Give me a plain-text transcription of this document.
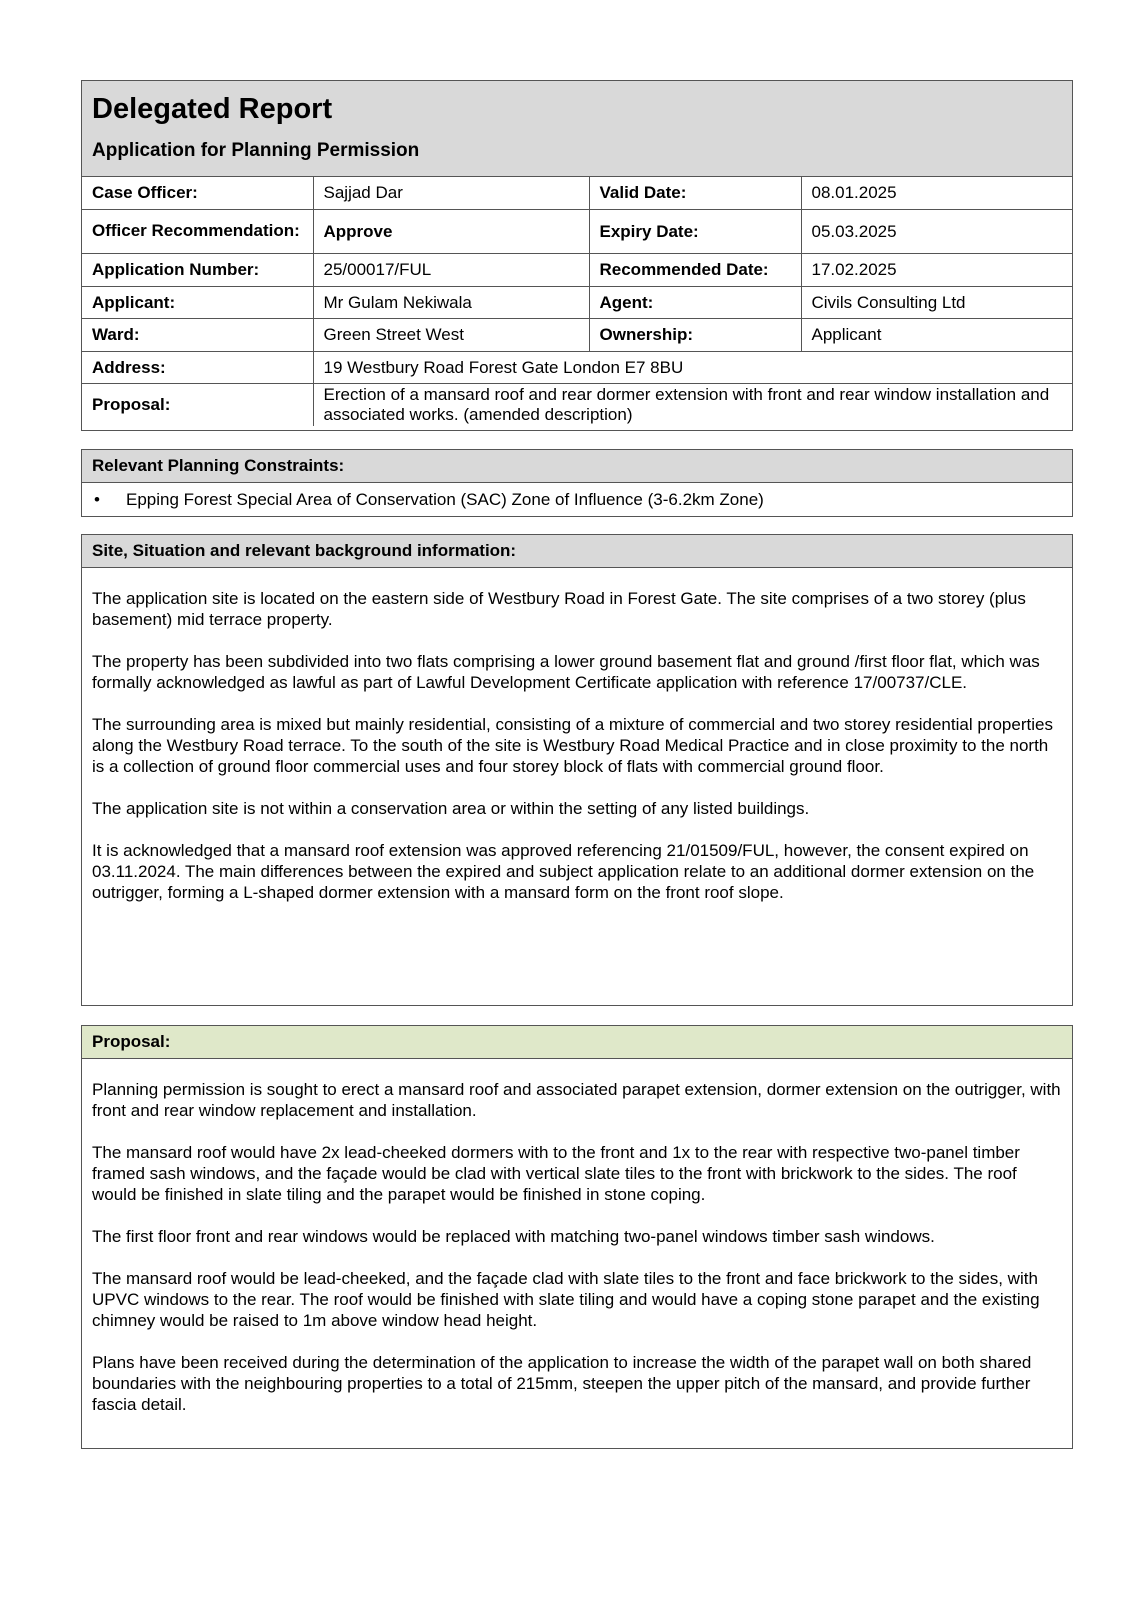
Delegated Report
Application for Planning Permission
Case Officer:	Sajjad Dar	Valid Date:	08.01.2025
Officer Recommendation:	Approve	Expiry Date:	05.03.2025
Application Number:	25/00017/FUL	Recommended Date:	17.02.2025
Applicant:	Mr Gulam Nekiwala	Agent:	Civils Consulting Ltd
Ward:	Green Street West	Ownership:	Applicant
Address:	19 Westbury Road Forest Gate London E7 8BU		
Proposal:	Erection of a mansard roof and rear dormer extension with front and rear window installation and associated works. (amended description)		
Relevant Planning Constraints:
• Epping Forest Special Area of Conservation (SAC) Zone of Influence (3-6.2km Zone)
Site, Situation and relevant background information:

The application site is located on the eastern side of Westbury Road in Forest Gate. The site comprises of a two storey (plus basement) mid terrace property.

The property has been subdivided into two flats comprising a lower ground basement flat and ground /first floor flat, which was formally acknowledged as lawful as part of Lawful Development Certificate application with reference 17/00737/CLE.

The surrounding area is mixed but mainly residential, consisting of a mixture of commercial and two storey residential properties along the Westbury Road terrace. To the south of the site is Westbury Road Medical Practice and in close proximity to the north is a collection of ground floor commercial uses and four storey block of flats with commercial ground floor.

The application site is not within a conservation area or within the setting of any listed buildings.

It is acknowledged that a mansard roof extension was approved referencing 21/01509/FUL, however, the consent expired on 03.11.2024. The main differences between the expired and subject application relate to an additional dormer extension on the outrigger, forming a L-shaped dormer extension with a mansard form on the front roof slope.

Proposal:

Planning permission is sought to erect a mansard roof and associated parapet extension, dormer extension on the outrigger, with front and rear window replacement and installation.

The mansard roof would have 2x lead-cheeked dormers with to the front and 1x to the rear with respective two-panel timber framed sash windows, and the façade would be clad with vertical slate tiles to the front with brickwork to the sides. The roof would be finished in slate tiling and the parapet would be finished in stone coping.

The first floor front and rear windows would be replaced with matching two-panel windows timber sash windows.

The mansard roof would be lead-cheeked, and the façade clad with slate tiles to the front and face brickwork to the sides, with UPVC windows to the rear. The roof would be finished with slate tiling and would have a coping stone parapet and the existing chimney would be raised to 1m above window head height.

Plans have been received during the determination of the application to increase the width of the parapet wall on both shared boundaries with the neighbouring properties to a total of 215mm, steepen the upper pitch of the mansard, and provide further fascia detail.
